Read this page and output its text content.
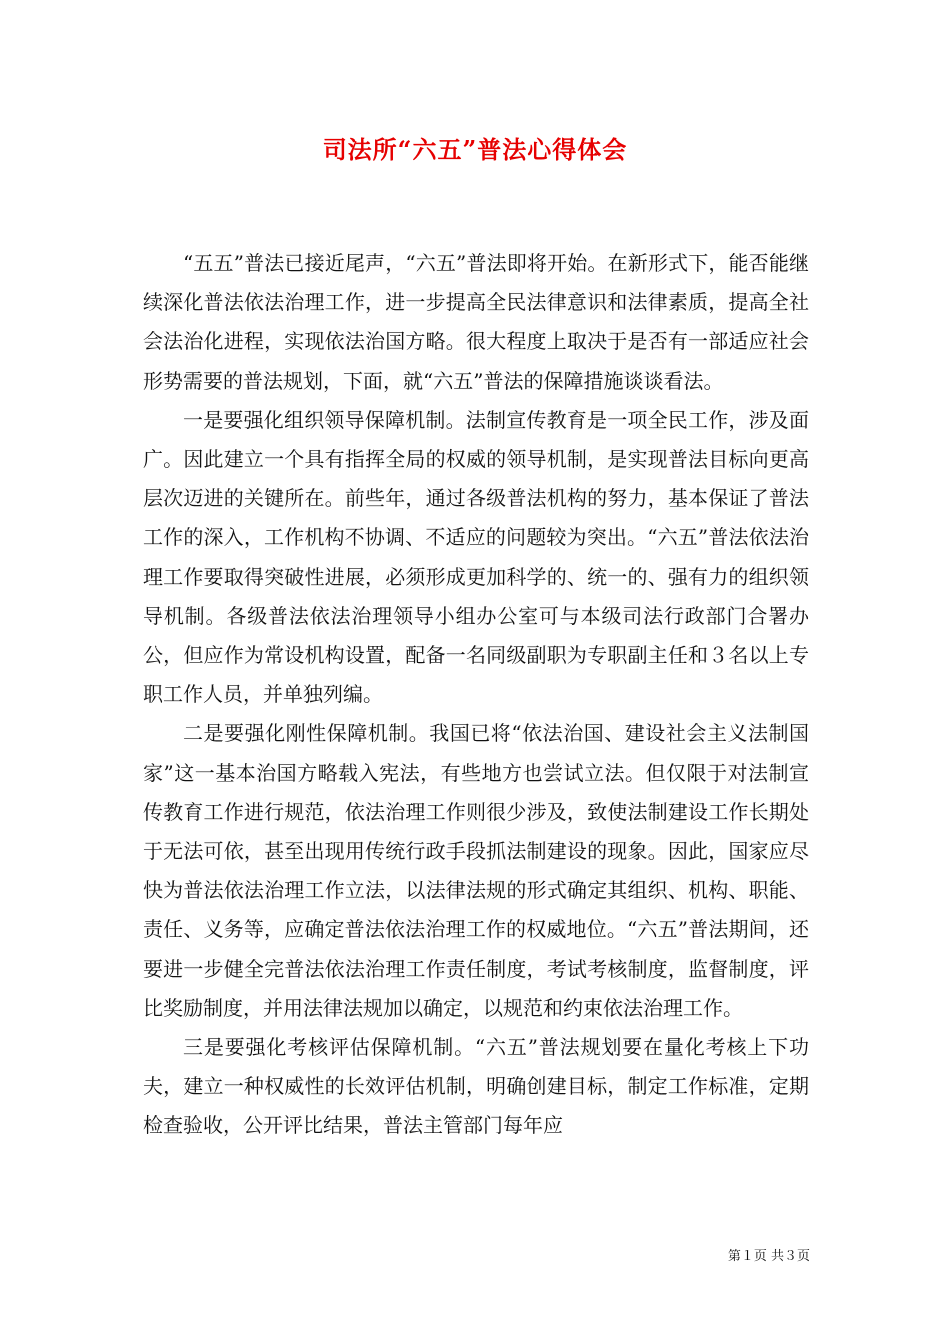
司法所“六五”普法心得体会

“五五”普法已接近尾声，“六五”普法即将开始。在新形式下，能否能继续深化普法依法治理工作，进一步提高全民法律意识和法律素质，提高全社会法治化进程，实现依法治国方略。很大程度上取决于是否有一部适应社会形势需要的普法规划，下面，就“六五”普法的保障措施谈谈看法。

一是要强化组织领导保障机制。法制宣传教育是一项全民工作，涉及面广。因此建立一个具有指挥全局的权威的领导机制，是实现普法目标向更高层次迈进的关键所在。前些年，通过各级普法机构的努力，基本保证了普法工作的深入，工作机构不协调、不适应的问题较为突出。“六五”普法依法治理工作要取得突破性进展，必须形成更加科学的、统一的、强有力的组织领导机制。各级普法依法治理领导小组办公室可与本级司法行政部门合署办公，但应作为常设机构设置，配备一名同级副职为专职副主任和３名以上专职工作人员，并单独列编。

二是要强化刚性保障机制。我国已将“依法治国、建设社会主义法制国家”这一基本治国方略载入宪法，有些地方也尝试立法。但仅限于对法制宣传教育工作进行规范，依法治理工作则很少涉及，致使法制建设工作长期处于无法可依，甚至出现用传统行政手段抓法制建设的现象。因此，国家应尽快为普法依法治理工作立法，以法律法规的形式确定其组织、机构、职能、责任、义务等，应确定普法依法治理工作的权威地位。“六五”普法期间，还要进一步健全完普法依法治理工作责任制度，考试考核制度，监督制度，评比奖励制度，并用法律法规加以确定，以规范和约束依法治理工作。

三是要强化考核评估保障机制。“六五”普法规划要在量化考核上下功夫，建立一种权威性的长效评估机制，明确创建目标，制定工作标准，定期检查验收，公开评比结果，普法主管部门每年应

第１页 共３页
